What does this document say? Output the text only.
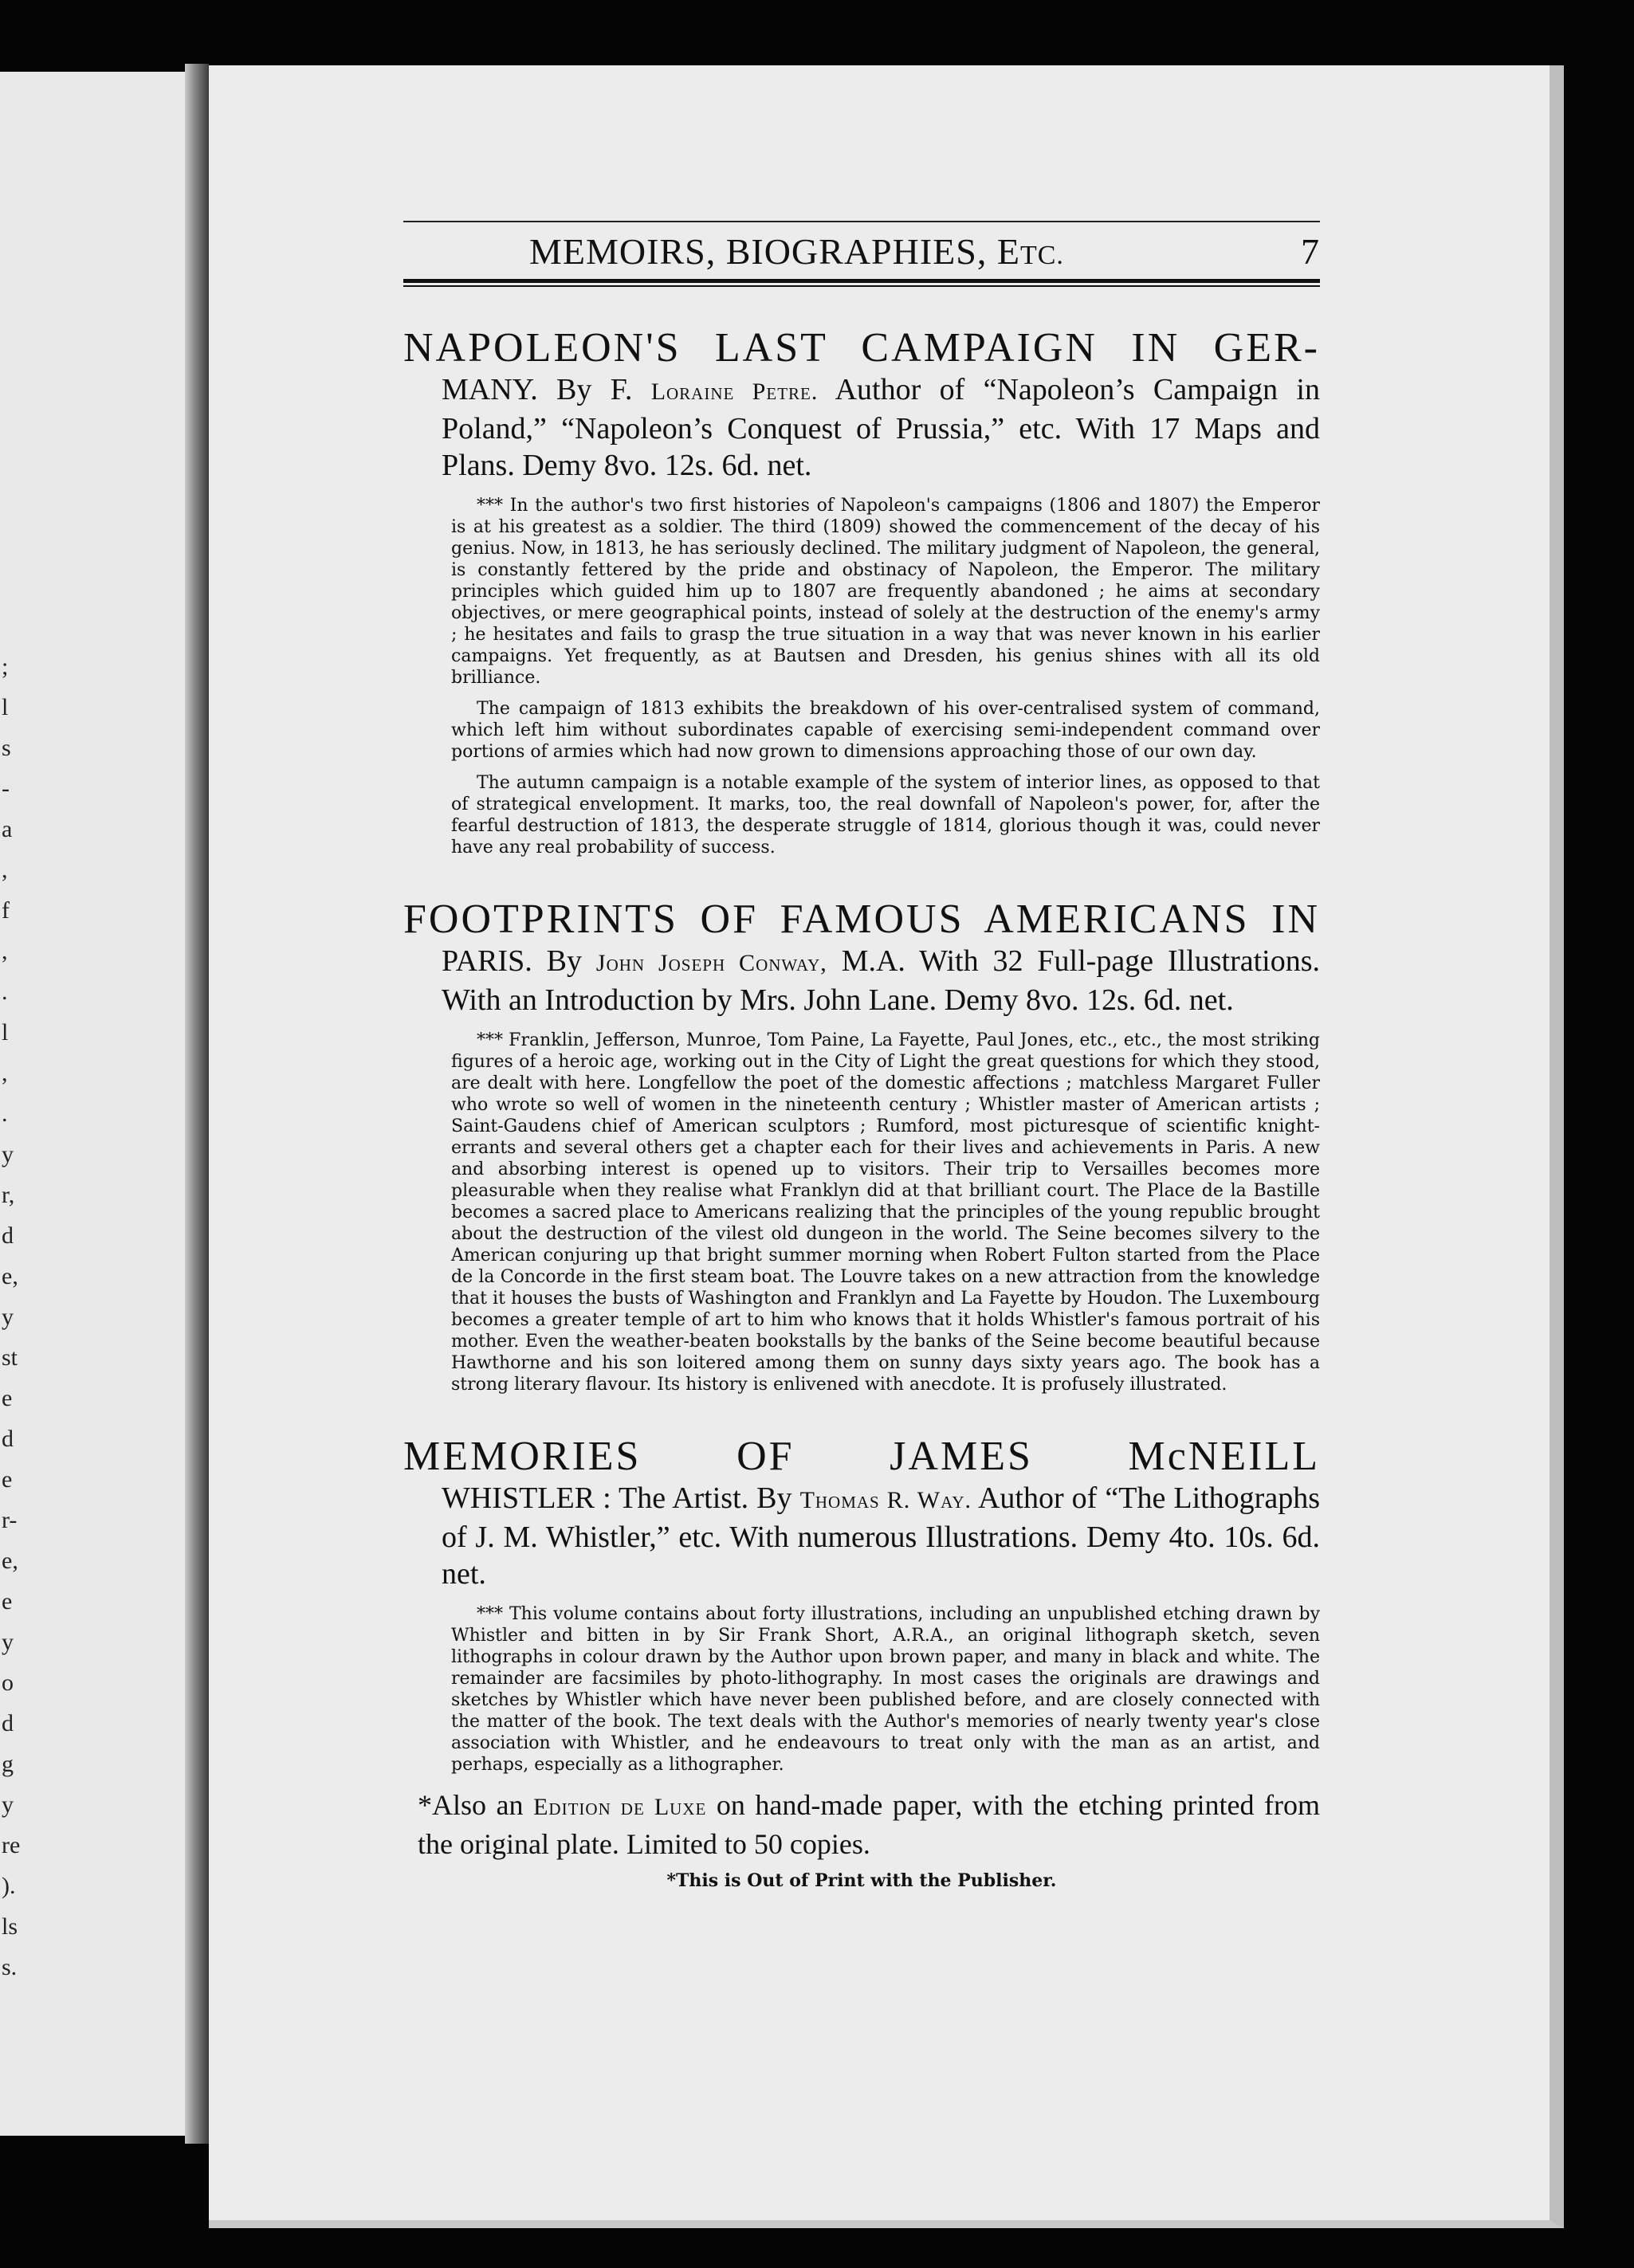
;
l
s
-
a
,
f
,
.
l
,
.
y
r,
d
e,
y
st
e
d
e
r-
e,
e
y
o
d
g
y
re
).
ls
s.
MEMOIRS, BIOGRAPHIES, ETC.	7
NAPOLEON'S LAST CAMPAIGN IN GER-

MANY. By F. Loraine Petre. Author of “Napoleon’s Campaign in Poland,” “Napoleon’s Conquest of Prussia,” etc. With 17 Maps and Plans. Demy 8vo. 12s. 6d. net.

*** In the author's two first histories of Napoleon's campaigns (1806 and 1807) the Emperor is at his greatest as a soldier. The third (1809) showed the commencement of the decay of his genius. Now, in 1813, he has seriously declined. The military judgment of Napoleon, the general, is constantly fettered by the pride and obstinacy of Napoleon, the Emperor. The military principles which guided him up to 1807 are frequently abandoned ; he aims at secondary objectives, or mere geographical points, instead of solely at the destruction of the enemy's army ; he hesitates and fails to grasp the true situation in a way that was never known in his earlier campaigns. Yet frequently, as at Bautsen and Dresden, his genius shines with all its old brilliance.

The campaign of 1813 exhibits the breakdown of his over-centralised system of command, which left him without subordinates capable of exercising semi-independent command over portions of armies which had now grown to dimensions approaching those of our own day.

The autumn campaign is a notable example of the system of interior lines, as opposed to that of strategical envelopment. It marks, too, the real downfall of Napoleon's power, for, after the fearful destruction of 1813, the desperate struggle of 1814, glorious though it was, could never have any real probability of success.

FOOTPRINTS OF FAMOUS AMERICANS IN

PARIS. By John Joseph Conway, M.A. With 32 Full-page Illustrations. With an Introduction by Mrs. John Lane. Demy 8vo. 12s. 6d. net.

*** Franklin, Jefferson, Munroe, Tom Paine, La Fayette, Paul Jones, etc., etc., the most striking figures of a heroic age, working out in the City of Light the great questions for which they stood, are dealt with here. Longfellow the poet of the domestic affections ; matchless Margaret Fuller who wrote so well of women in the nineteenth century ; Whistler master of American artists ; Saint-Gaudens chief of American sculptors ; Rumford, most picturesque of scientific knight-errants and several others get a chapter each for their lives and achievements in Paris. A new and absorbing interest is opened up to visitors. Their trip to Versailles becomes more pleasurable when they realise what Franklyn did at that brilliant court. The Place de la Bastille becomes a sacred place to Americans realizing that the principles of the young republic brought about the destruction of the vilest old dungeon in the world. The Seine becomes silvery to the American conjuring up that bright summer morning when Robert Fulton started from the Place de la Concorde in the first steam boat. The Louvre takes on a new attraction from the knowledge that it houses the busts of Washington and Franklyn and La Fayette by Houdon. The Luxembourg becomes a greater temple of art to him who knows that it holds Whistler's famous portrait of his mother. Even the weather-beaten bookstalls by the banks of the Seine become beautiful because Hawthorne and his son loitered among them on sunny days sixty years ago. The book has a strong literary flavour. Its history is enlivened with anecdote. It is profusely illustrated.

MEMORIES OF JAMES McNEILL

WHISTLER : The Artist. By Thomas R. Way. Author of “The Lithographs of J. M. Whistler,” etc. With numerous Illustrations. Demy 4to. 10s. 6d. net.

*** This volume contains about forty illustrations, including an unpublished etching drawn by Whistler and bitten in by Sir Frank Short, A.R.A., an original lithograph sketch, seven lithographs in colour drawn by the Author upon brown paper, and many in black and white. The remainder are facsimiles by photo-lithography. In most cases the originals are drawings and sketches by Whistler which have never been published before, and are closely connected with the matter of the book. The text deals with the Author's memories of nearly twenty year's close association with Whistler, and he endeavours to treat only with the man as an artist, and perhaps, especially as a lithographer.

*Also an Edition de Luxe on hand-made paper, with the etching printed from the original plate. Limited to 50 copies.
*This is Out of Print with the Publisher.
